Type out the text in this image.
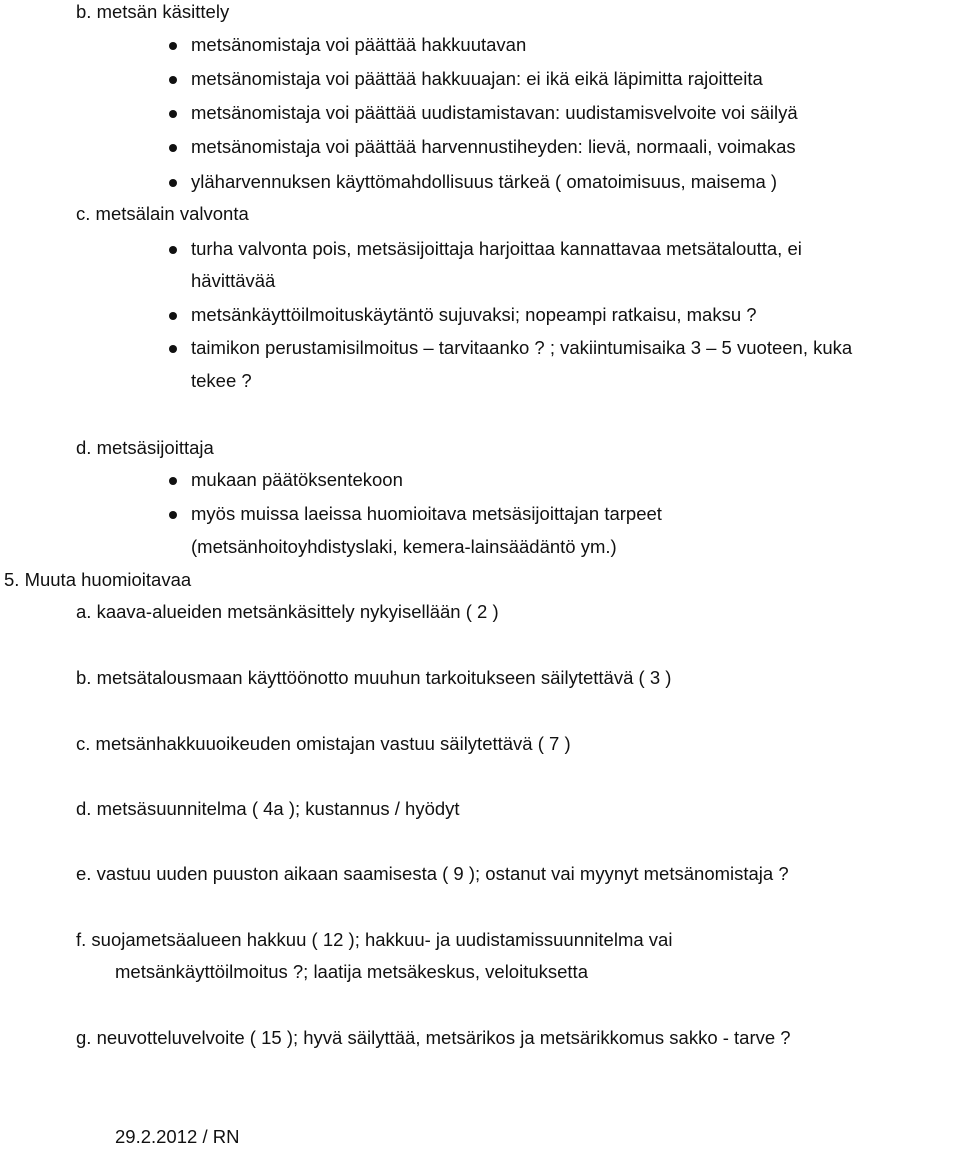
b. metsän käsittely
metsänomistaja voi päättää hakkuutavan
metsänomistaja voi päättää hakkuuajan: ei ikä eikä läpimitta rajoitteita
metsänomistaja voi päättää uudistamistavan: uudistamisvelvoite voi säilyä
metsänomistaja voi päättää harvennustiheyden: lievä, normaali, voimakas
yläharvennuksen käyttömahdollisuus tärkeä ( omatoimisuus, maisema )
c. metsälain valvonta
turha valvonta pois, metsäsijoittaja harjoittaa kannattavaa metsätaloutta, ei
hävittävää
metsänkäyttöilmoituskäytäntö sujuvaksi; nopeampi ratkaisu, maksu ?
taimikon perustamisilmoitus – tarvitaanko ? ; vakiintumisaika 3 – 5 vuoteen, kuka
tekee ?
d. metsäsijoittaja
mukaan päätöksentekoon
myös muissa laeissa huomioitava metsäsijoittajan tarpeet
(metsänhoitoyhdistyslaki, kemera-lainsäädäntö ym.)
5. Muuta huomioitavaa
a. kaava-alueiden metsänkäsittely nykyisellään ( 2 )
b. metsätalousmaan käyttöönotto muuhun tarkoitukseen säilytettävä ( 3 )
c. metsänhakkuuoikeuden omistajan vastuu säilytettävä ( 7 )
d. metsäsuunnitelma ( 4a ); kustannus / hyödyt
e. vastuu uuden puuston aikaan saamisesta ( 9 ); ostanut vai myynyt metsänomistaja ?
f. suojametsäalueen hakkuu ( 12 ); hakkuu- ja uudistamissuunnitelma vai
metsänkäyttöilmoitus ?; laatija metsäkeskus, veloituksetta
g. neuvotteluvelvoite ( 15 ); hyvä säilyttää, metsärikos ja metsärikkomus sakko - tarve ?
29.2.2012 / RN
